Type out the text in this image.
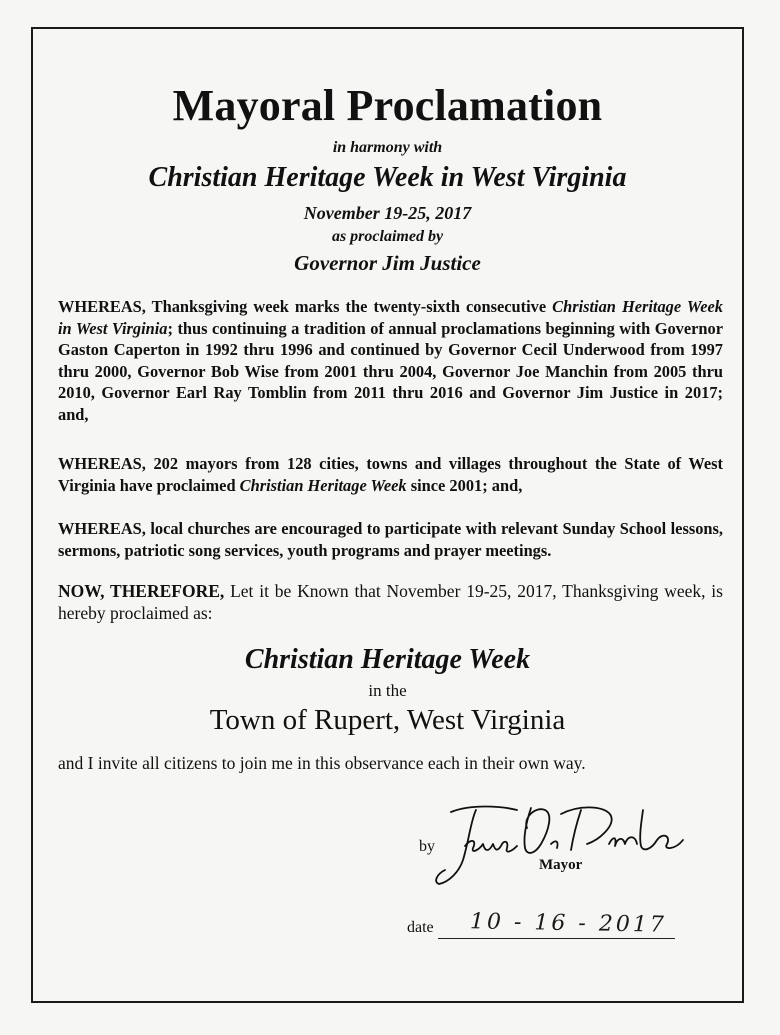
Mayoral Proclamation
in harmony with
Christian Heritage Week in West Virginia
November 19-25, 2017
as proclaimed by
Governor Jim Justice
WHEREAS, Thanksgiving week marks the twenty-sixth consecutive Christian Heritage Week in West Virginia; thus continuing a tradition of annual proclamations beginning with Governor Gaston Caperton in 1992 thru 1996 and continued by Governor Cecil Underwood from 1997 thru 2000, Governor Bob Wise from 2001 thru 2004, Governor Joe Manchin from 2005 thru 2010, Governor Earl Ray Tomblin from 2011 thru 2016 and Governor Jim Justice in 2017; and,
WHEREAS, 202 mayors from 128 cities, towns and villages throughout the State of West Virginia have proclaimed Christian Heritage Week since 2001; and,
WHEREAS, local churches are encouraged to participate with relevant Sunday School lessons, sermons, patriotic song services, youth programs and prayer meetings.
NOW, THEREFORE, Let it be Known that November 19-25, 2017, Thanksgiving week, is hereby proclaimed as:
Christian Heritage Week
in the
Town of Rupert, West Virginia
and I invite all citizens to join me in this observance each in their own way.
by
Mayor
date 10 - 16 - 2017
